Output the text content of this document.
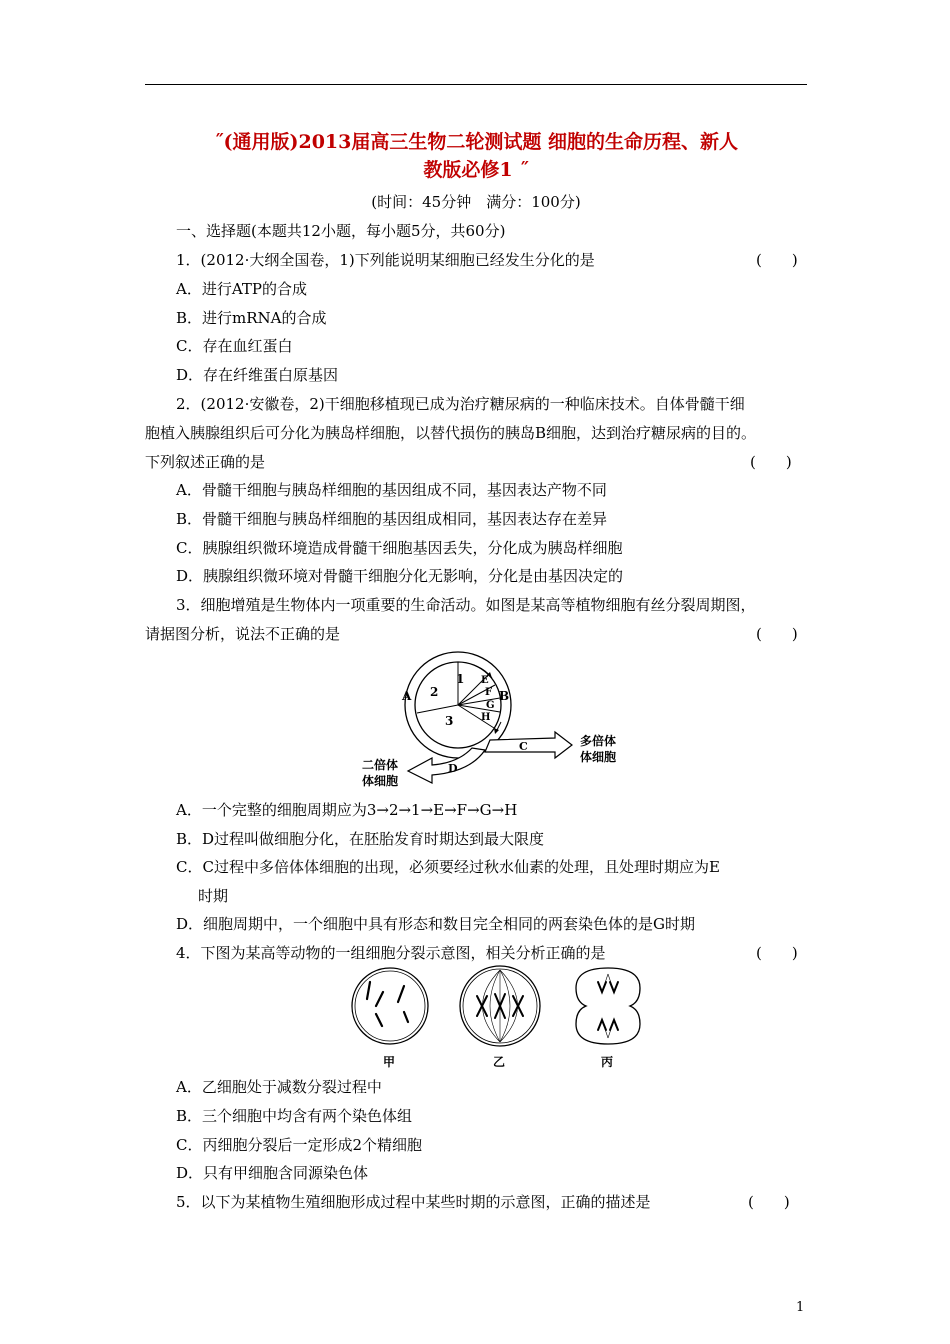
˝(通用版)2013届高三生物二轮测试题 细胞的生命历程、新人
教版必修1 ˝
(时间：45分钟　满分：100分)
一、选择题(本题共12小题，每小题5分，共60分)
1．(2012·大纲全国卷，1)下列能说明某细胞已经发生分化的是	(　　)
A．进行ATP的合成
B．进行mRNA的合成
C．存在血红蛋白
D．存在纤维蛋白原基因
2．(2012·安徽卷，2)干细胞移植现已成为治疗糖尿病的一种临床技术。自体骨髓干细
胞植入胰腺组织后可分化为胰岛样细胞，以替代损伤的胰岛B细胞，达到治疗糖尿病的目的。
下列叙述正确的是	(　　)
A．骨髓干细胞与胰岛样细胞的基因组成不同，基因表达产物不同
B．骨髓干细胞与胰岛样细胞的基因组成相同，基因表达存在差异
C．胰腺组织微环境造成骨髓干细胞基因丢失，分化成为胰岛样细胞
D．胰腺组织微环境对骨髓干细胞分化无影响，分化是由基因决定的
3．细胞增殖是生物体内一项重要的生命活动。如图是某高等植物细胞有丝分裂周期图，
请据图分析，说法不正确的是	(　　)
A
1
2
3
E
F
G
H
B
C
D
多倍体
体细胞
二倍体
体细胞
A．一个完整的细胞周期应为3→2→1→E→F→G→H
B．D过程叫做细胞分化，在胚胎发育时期达到最大限度
C．C过程中多倍体体细胞的出现，必须要经过秋水仙素的处理，且处理时期应为E
时期
D．细胞周期中，一个细胞中具有形态和数目完全相同的两套染色体的是G时期
4．下图为某高等动物的一组细胞分裂示意图，相关分析正确的是	(　　)
甲	乙	丙
A．乙细胞处于减数分裂过程中
B．三个细胞中均含有两个染色体组
C．丙细胞分裂后一定形成2个精细胞
D．只有甲细胞含同源染色体
5．以下为某植物生殖细胞形成过程中某些时期的示意图，正确的描述是	(　　)
1
